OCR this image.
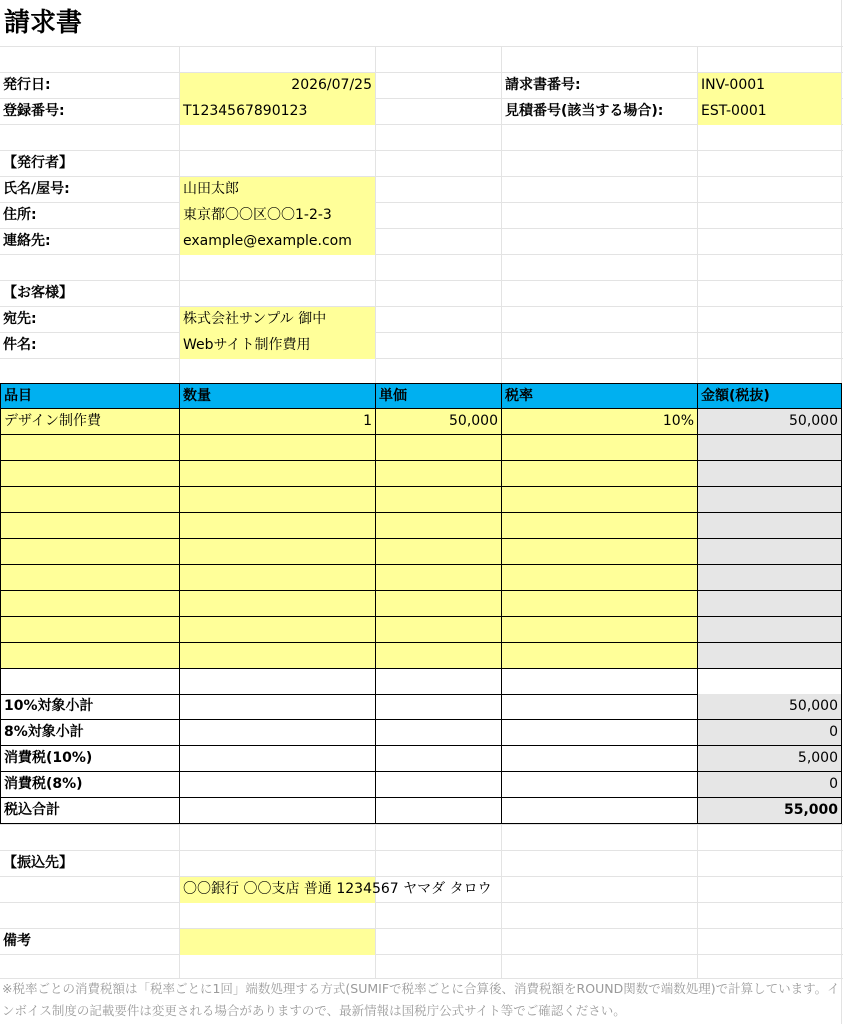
請求書
発行日:	2026/07/25	請求書番号:	INV-0001
登録番号:	T1234567890123	見積番号(該当する場合):	EST-0001
【発行者】
氏名/屋号:	山田太郎
住所:	東京都〇〇区〇〇1-2-3
連絡先:	example@example.com
【お客様】
宛先:	株式会社サンプル 御中
件名:	Webサイト制作費用
品目	数量	単価	税率	金額(税抜)
デザイン制作費	1	50,000	10%	50,000
10%対象小計	50,000
8%対象小計	0
消費税(10%)	5,000
消費税(8%)	0
税込合計	55,000
【振込先】
〇〇銀行 〇〇支店 普通 1234567 ヤマダ タロウ
備考
※税率ごとの消費税額は「税率ごとに1回」端数処理する方式(SUMIFで税率ごとに合算後、消費税額をROUND関数で端数処理)で計算しています。インボイス制度の記載要件は変更される場合がありますので、最新情報は国税庁公式サイト等でご確認ください。
